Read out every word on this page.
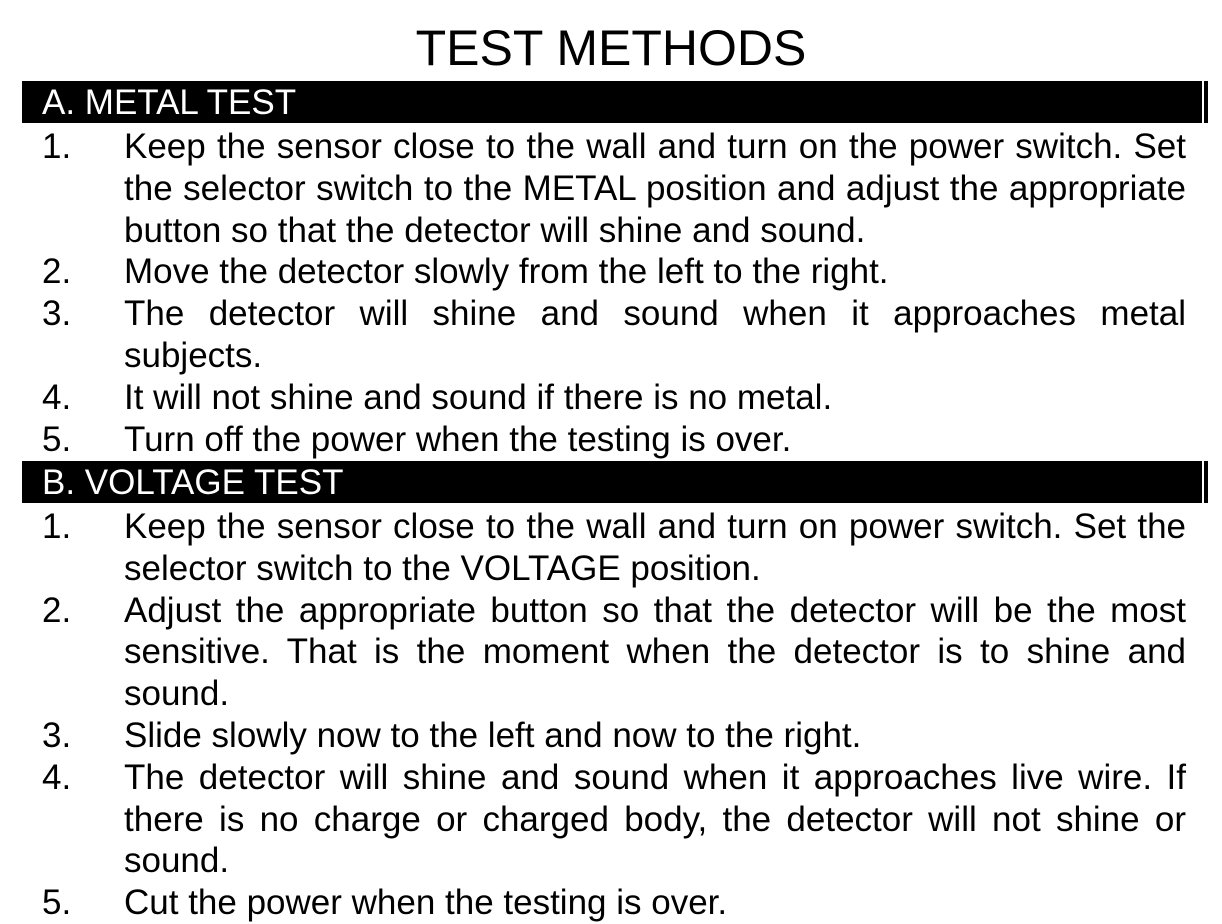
TEST METHODS
A. METAL TEST
1. Keep the sensor close to the wall and turn on the power switch. Set the selector switch to the METAL position and adjust the appropriate button so that the detector will shine and sound.
2. Move the detector slowly from the left to the right.
3. The detector will shine and sound when it approaches metal subjects.
4. It will not shine and sound if there is no metal.
5. Turn off the power when the testing is over.
B. VOLTAGE TEST
1. Keep the sensor close to the wall and turn on power switch. Set the selector switch to the VOLTAGE position.
2. Adjust the appropriate button so that the detector will be the most sensitive. That is the moment when the detector is to shine and sound.
3. Slide slowly now to the left and now to the right.
4. The detector will shine and sound when it approaches live wire. If there is no charge or charged body, the detector will not shine or sound.
5. Cut the power when the testing is over.
